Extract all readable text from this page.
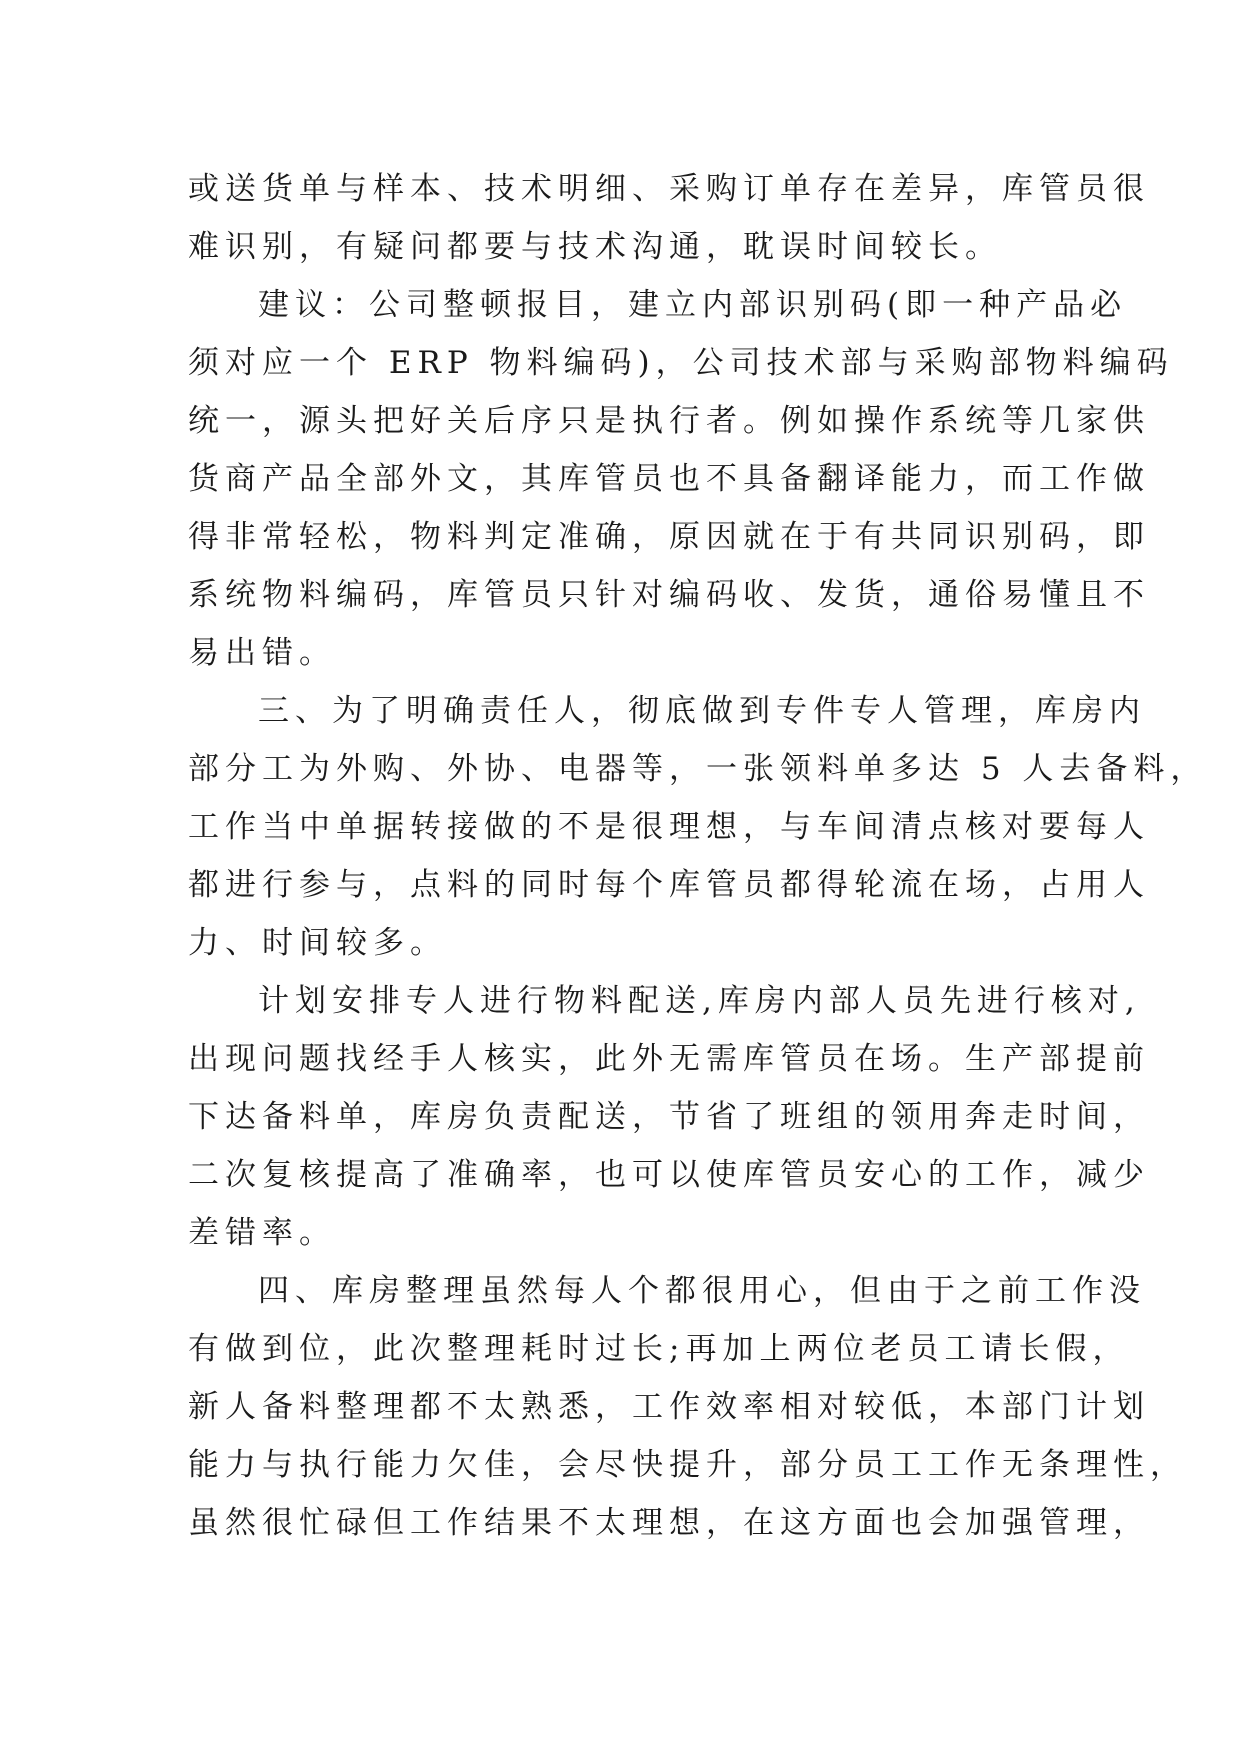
或送货单与样本、技术明细、采购订单存在差异，库管员很
难识别，有疑问都要与技术沟通，耽误时间较长。
建议：公司整顿报目，建立内部识别码(即一种产品必
须对应一个 ERP 物料编码)，公司技术部与采购部物料编码
统一，源头把好关后序只是执行者。例如操作系统等几家供
货商产品全部外文，其库管员也不具备翻译能力，而工作做
得非常轻松，物料判定准确，原因就在于有共同识别码，即
系统物料编码，库管员只针对编码收、发货，通俗易懂且不
易出错。
三、为了明确责任人，彻底做到专件专人管理，库房内
部分工为外购、外协、电器等，一张领料单多达 5 人去备料，
工作当中单据转接做的不是很理想，与车间清点核对要每人
都进行参与，点料的同时每个库管员都得轮流在场，占用人
力、时间较多。
计划安排专人进行物料配送,库房内部人员先进行核对,
出现问题找经手人核实，此外无需库管员在场。生产部提前
下达备料单，库房负责配送，节省了班组的领用奔走时间，
二次复核提高了准确率，也可以使库管员安心的工作，减少
差错率。
四、库房整理虽然每人个都很用心，但由于之前工作没
有做到位，此次整理耗时过长;再加上两位老员工请长假，
新人备料整理都不太熟悉，工作效率相对较低，本部门计划
能力与执行能力欠佳，会尽快提升，部分员工工作无条理性，
虽然很忙碌但工作结果不太理想，在这方面也会加强管理，
